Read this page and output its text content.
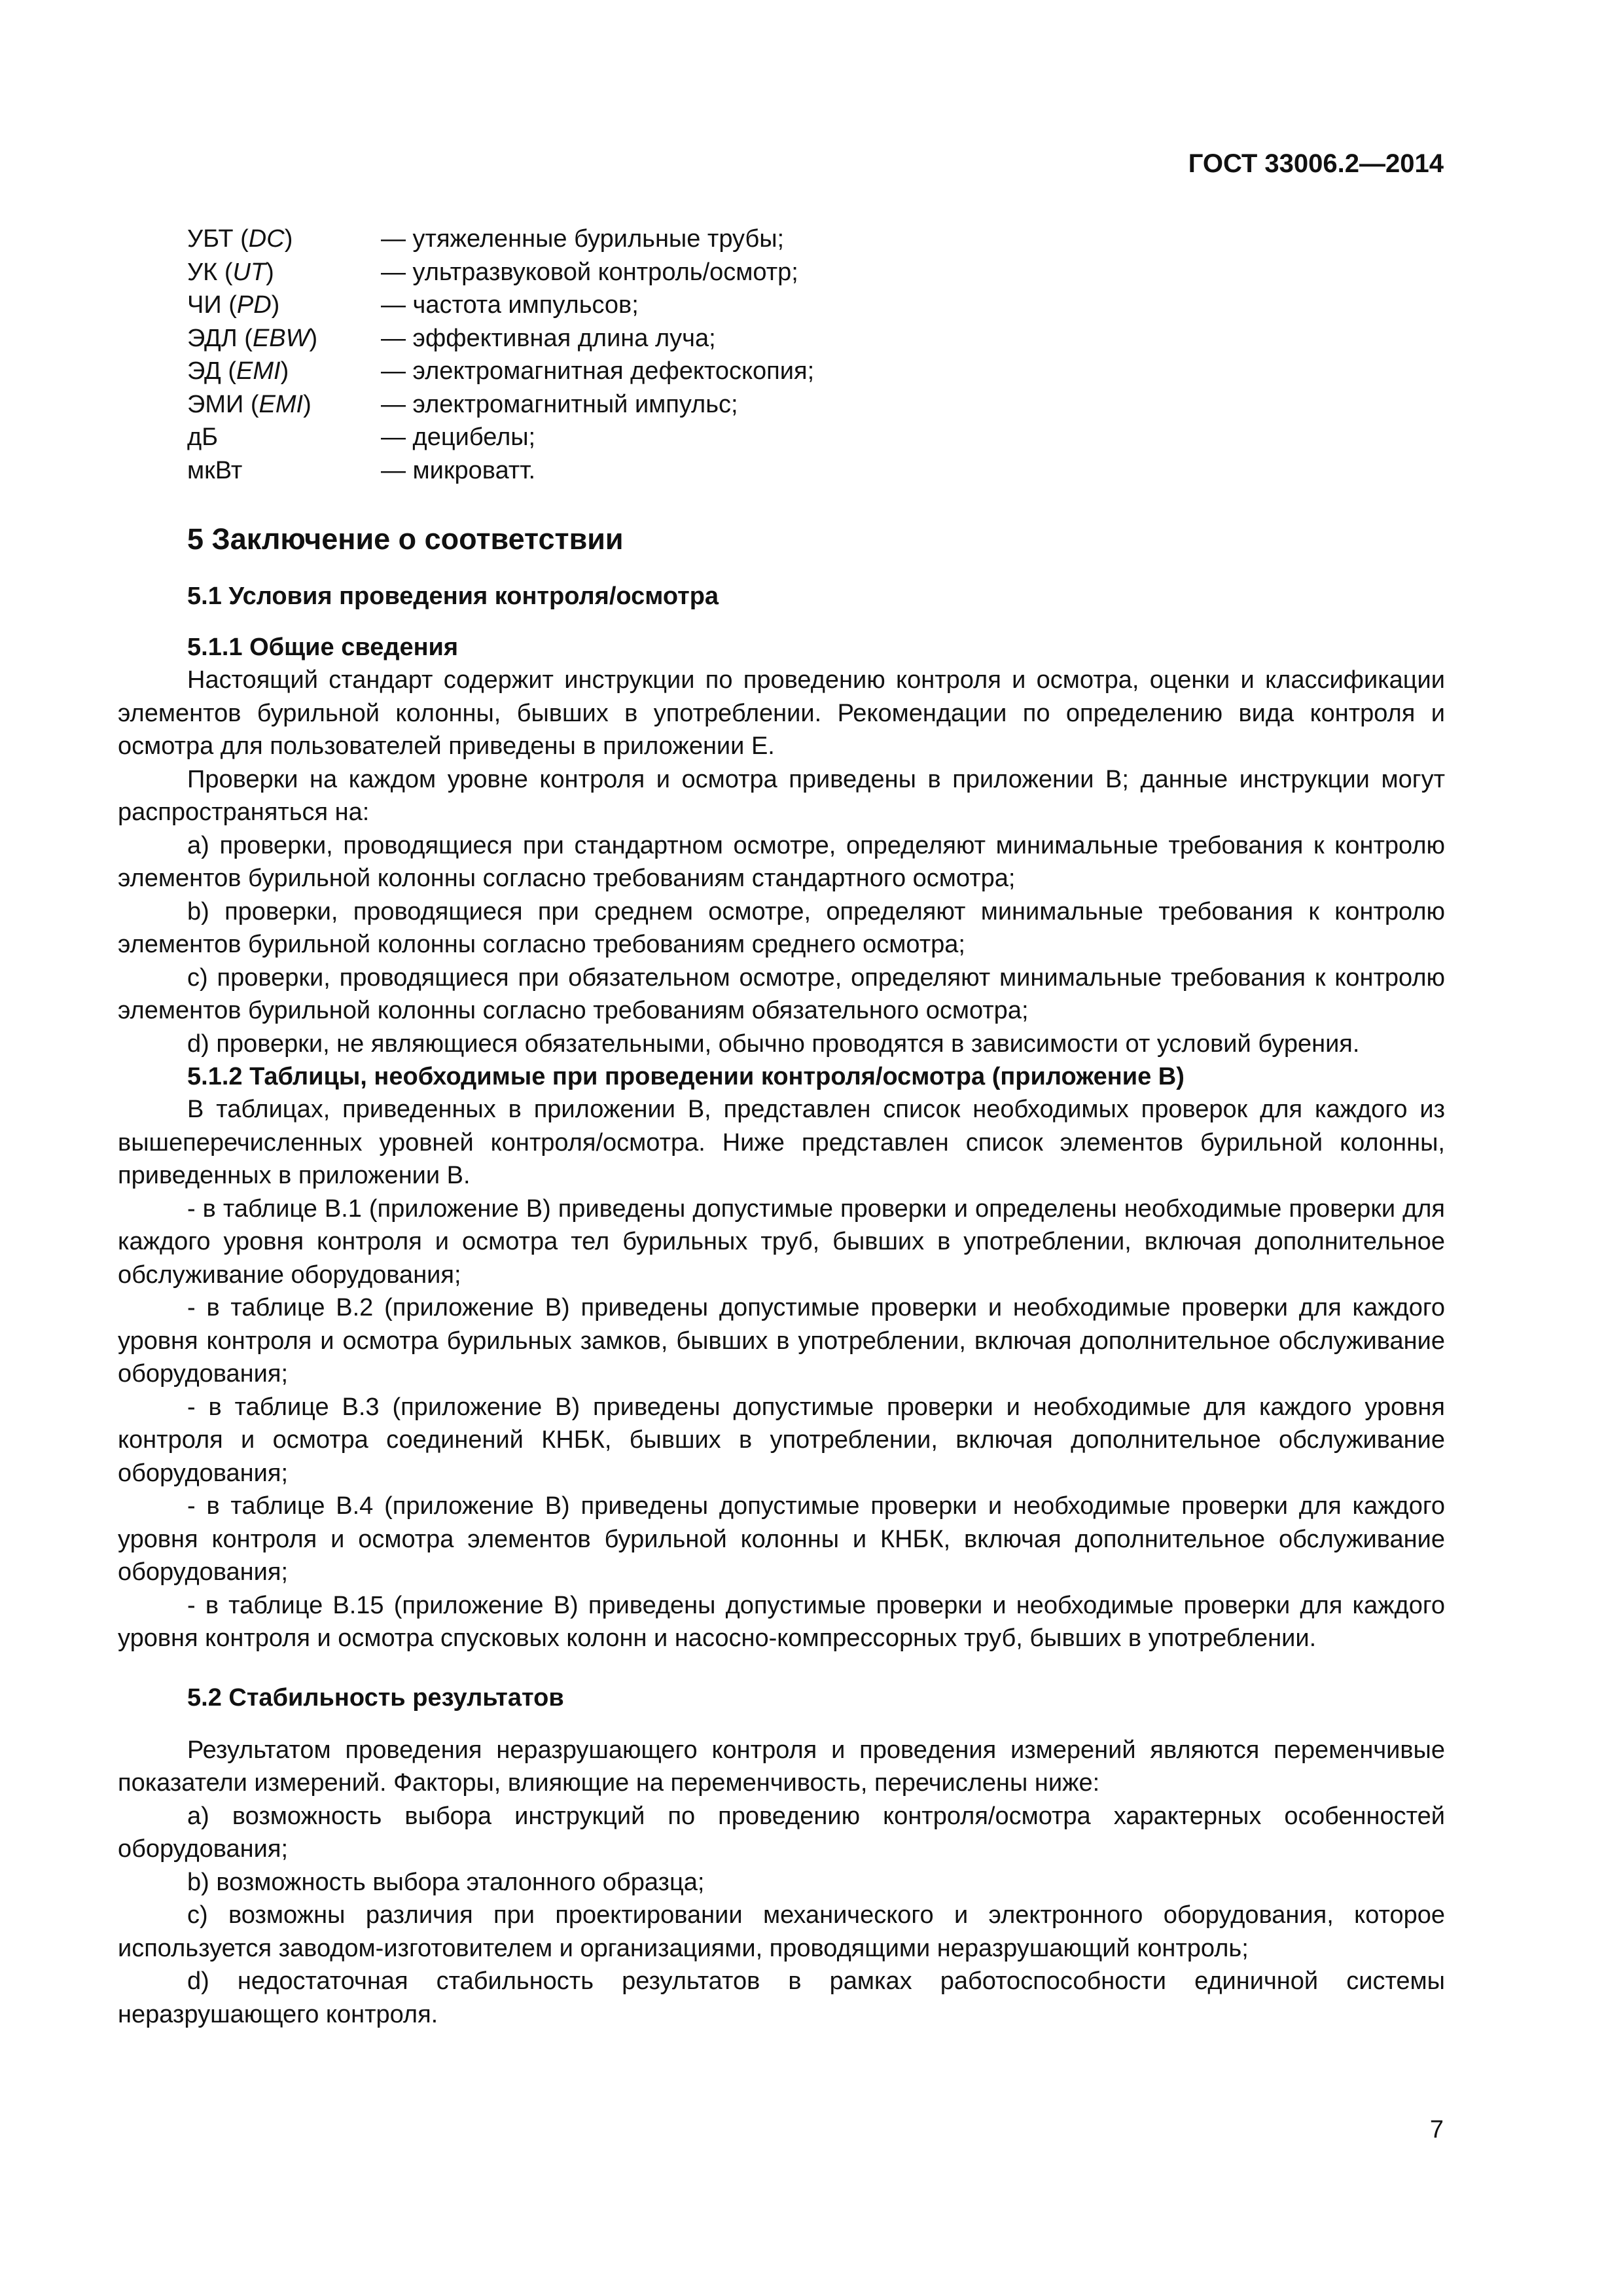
ГОСТ 33006.2—2014
УБТ (DC)	— утяжеленные бурильные трубы;
УК (UT)	— ультразвуковой контроль/осмотр;
ЧИ (PD)	— частота импульсов;
ЭДЛ (EBW)	— эффективная длина луча;
ЭД (EMI)	— электромагнитная дефектоскопия;
ЭМИ (EMI)	— электромагнитный импульс;
дБ	— децибелы;
мкВт	— микроватт.
5 Заключение о соответствии
5.1 Условия проведения контроля/осмотра
5.1.1 Общие сведения

Настоящий стандарт содержит инструкции по проведению контроля и осмотра, оценки и классификации элементов бурильной колонны, бывших в употреблении. Рекомендации по определению вида контроля и осмотра для пользователей приведены в приложении Е.

Проверки на каждом уровне контроля и осмотра приведены в приложении В; данные инструкции могут распространяться на:

а) проверки, проводящиеся при стандартном осмотре, определяют минимальные требования к контролю элементов бурильной колонны согласно требованиям стандартного осмотра;

b) проверки, проводящиеся при среднем осмотре, определяют минимальные требования к контролю элементов бурильной колонны согласно требованиям среднего осмотра;

с) проверки, проводящиеся при обязательном осмотре, определяют минимальные требования к контролю элементов бурильной колонны согласно требованиям обязательного осмотра;

d) проверки, не являющиеся обязательными, обычно проводятся в зависимости от условий бурения.

5.1.2 Таблицы, необходимые при проведении контроля/осмотра (приложение В)

В таблицах, приведенных в приложении В, представлен список необходимых проверок для каждого из вышеперечисленных уровней контроля/осмотра. Ниже представлен список элементов бурильной колонны, приведенных в приложении В.

- в таблице В.1 (приложение В) приведены допустимые проверки и определены необходимые проверки для каждого уровня контроля и осмотра тел бурильных труб, бывших в употреблении, включая дополнительное обслуживание оборудования;

- в таблице В.2 (приложение В) приведены допустимые проверки и необходимые проверки для каждого уровня контроля и осмотра бурильных замков, бывших в употреблении, включая дополнительное обслуживание оборудования;

- в таблице В.3 (приложение В) приведены допустимые проверки и необходимые для каждого уровня контроля и осмотра соединений КНБК, бывших в употреблении, включая дополнительное обслуживание оборудования;

- в таблице В.4 (приложение В) приведены допустимые проверки и необходимые проверки для каждого уровня контроля и осмотра элементов бурильной колонны и КНБК, включая дополнительное обслуживание оборудования;

- в таблице В.15 (приложение В) приведены допустимые проверки и необходимые проверки для каждого уровня контроля и осмотра спусковых колонн и насосно-компрессорных труб, бывших в употреблении.

5.2 Стабильность результатов

Результатом проведения неразрушающего контроля и проведения измерений являются переменчивые показатели измерений. Факторы, влияющие на переменчивость, перечислены ниже:

а) возможность выбора инструкций по проведению контроля/осмотра характерных особенностей оборудования;

b) возможность выбора эталонного образца;

с) возможны различия при проектировании механического и электронного оборудования, которое используется заводом-изготовителем и организациями, проводящими неразрушающий контроль;

d) недостаточная стабильность результатов в рамках работоспособности единичной системы неразрушающего контроля.

7
